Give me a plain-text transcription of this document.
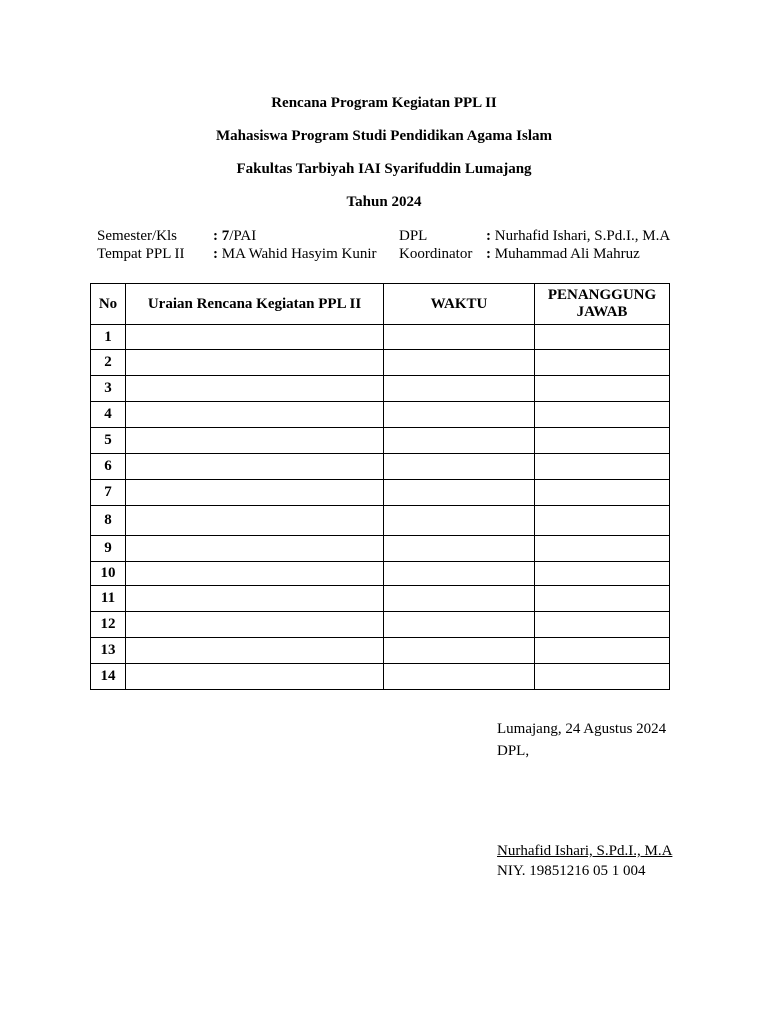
Rencana Program Kegiatan PPL II
Mahasiswa Program Studi Pendidikan Agama Islam
Fakultas Tarbiyah IAI Syarifuddin Lumajang
Tahun 2024
Semester/Kls : 7/PAI
Tempat PPL II : MA Wahid Hasyim Kunir
DPL	: Nurhafid Ishari, S.Pd.I., M.A
Koordinator : Muhammad Ali Mahruz
No	Uraian Rencana Kegiatan PPL II	WAKTU	PENANGGUNG
JAWAB

1			
2			
3			
4			
5			
6			
7			
8			
9			
10			
11			
12			
13			
14			
Lumajang, 24 Agustus 2024
DPL,
Nurhafid Ishari, S.Pd.I., M.A
NIY. 19851216 05 1 004
